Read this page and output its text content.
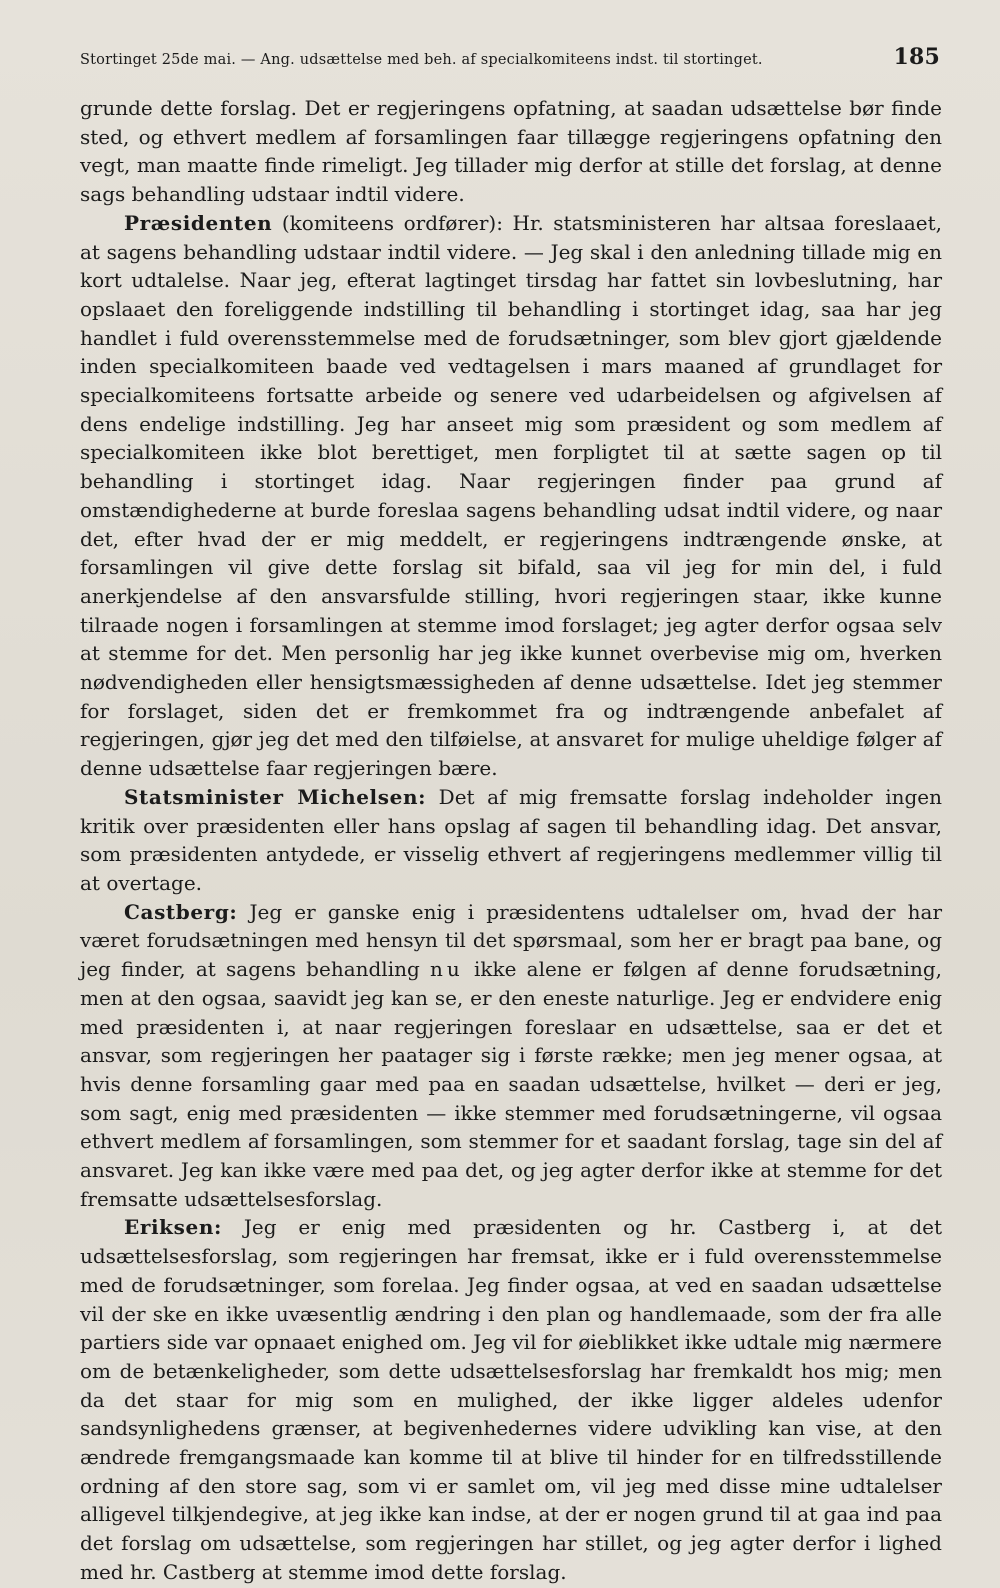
Stortinget 25de mai. — Ang. udsættelse med beh. af specialkomiteens indst. til stortinget.	185

grunde dette forslag. Det er regjeringens opfatning, at saadan udsættelse bør finde sted, og ethvert medlem af forsamlingen faar tillægge regjeringens opfatning den vegt, man maatte finde rimeligt. Jeg tillader mig derfor at stille det forslag, at denne sags behandling udstaar indtil videre.

Præsidenten (komiteens ordfører): Hr. statsministeren har altsaa foreslaaet, at sagens behandling udstaar indtil videre. — Jeg skal i den anledning tillade mig en kort udtalelse. Naar jeg, efterat lagtinget tirsdag har fattet sin lovbeslutning, har opslaaet den foreliggende indstilling til behandling i stortinget idag, saa har jeg handlet i fuld overensstemmelse med de forudsætninger, som blev gjort gjældende inden specialkomiteen baade ved vedtagelsen i mars maaned af grundlaget for specialkomiteens fortsatte arbeide og senere ved udarbeidelsen og afgivelsen af dens endelige indstilling. Jeg har anseet mig som præsident og som medlem af specialkomiteen ikke blot berettiget, men forpligtet til at sætte sagen op til behandling i stortinget idag. Naar regjeringen finder paa grund af omstændighederne at burde foreslaa sagens behandling udsat indtil videre, og naar det, efter hvad der er mig meddelt, er regjeringens indtrængende ønske, at forsamlingen vil give dette forslag sit bifald, saa vil jeg for min del, i fuld anerkjendelse af den ansvarsfulde stilling, hvori regjeringen staar, ikke kunne tilraade nogen i forsamlingen at stemme imod forslaget; jeg agter derfor ogsaa selv at stemme for det. Men personlig har jeg ikke kunnet overbevise mig om, hverken nødvendigheden eller hensigtsmæssigheden af denne udsættelse. Idet jeg stemmer for forslaget, siden det er fremkommet fra og indtrængende anbefalet af regjeringen, gjør jeg det med den tilføielse, at ansvaret for mulige uheldige følger af denne udsættelse faar regjeringen bære.

Statsminister Michelsen: Det af mig fremsatte forslag indeholder ingen kritik over præsidenten eller hans opslag af sagen til behandling idag. Det ansvar, som præsidenten antydede, er visselig ethvert af regjeringens medlemmer villig til at overtage.

Castberg: Jeg er ganske enig i præsidentens udtalelser om, hvad der har været forudsætningen med hensyn til det spørsmaal, som her er bragt paa bane, og jeg finder, at sagens behandling nu ikke alene er følgen af denne forudsætning, men at den ogsaa, saavidt jeg kan se, er den eneste naturlige. Jeg er endvidere enig med præsidenten i, at naar regjeringen foreslaar en udsættelse, saa er det et ansvar, som regjeringen her paatager sig i første række; men jeg mener ogsaa, at hvis denne forsamling gaar med paa en saadan udsættelse, hvilket — deri er jeg, som sagt, enig med præsidenten — ikke stemmer med forudsætningerne, vil ogsaa ethvert medlem af forsamlingen, som stemmer for et saadant forslag, tage sin del af ansvaret. Jeg kan ikke være med paa det, og jeg agter derfor ikke at stemme for det fremsatte udsættelsesforslag.

Eriksen: Jeg er enig med præsidenten og hr. Castberg i, at det udsættelsesforslag, som regjeringen har fremsat, ikke er i fuld overensstemmelse med de forudsætninger, som forelaa. Jeg finder ogsaa, at ved en saadan udsættelse vil der ske en ikke uvæsentlig ændring i den plan og handlemaade, som der fra alle partiers side var opnaaet enighed om. Jeg vil for øieblikket ikke udtale mig nærmere om de betænkeligheder, som dette udsættelsesforslag har fremkaldt hos mig; men da det staar for mig som en mulighed, der ikke ligger aldeles udenfor sandsynlighedens grænser, at begivenhedernes videre udvikling kan vise, at den ændrede fremgangsmaade kan komme til at blive til hinder for en tilfredsstillende ordning af den store sag, som vi er samlet om, vil jeg med disse mine udtalelser alligevel tilkjendegive, at jeg ikke kan indse, at der er nogen grund til at gaa ind paa det forslag om udsættelse, som regjeringen har stillet, og jeg agter derfor i lighed med hr. Castberg at stemme imod dette forslag.
